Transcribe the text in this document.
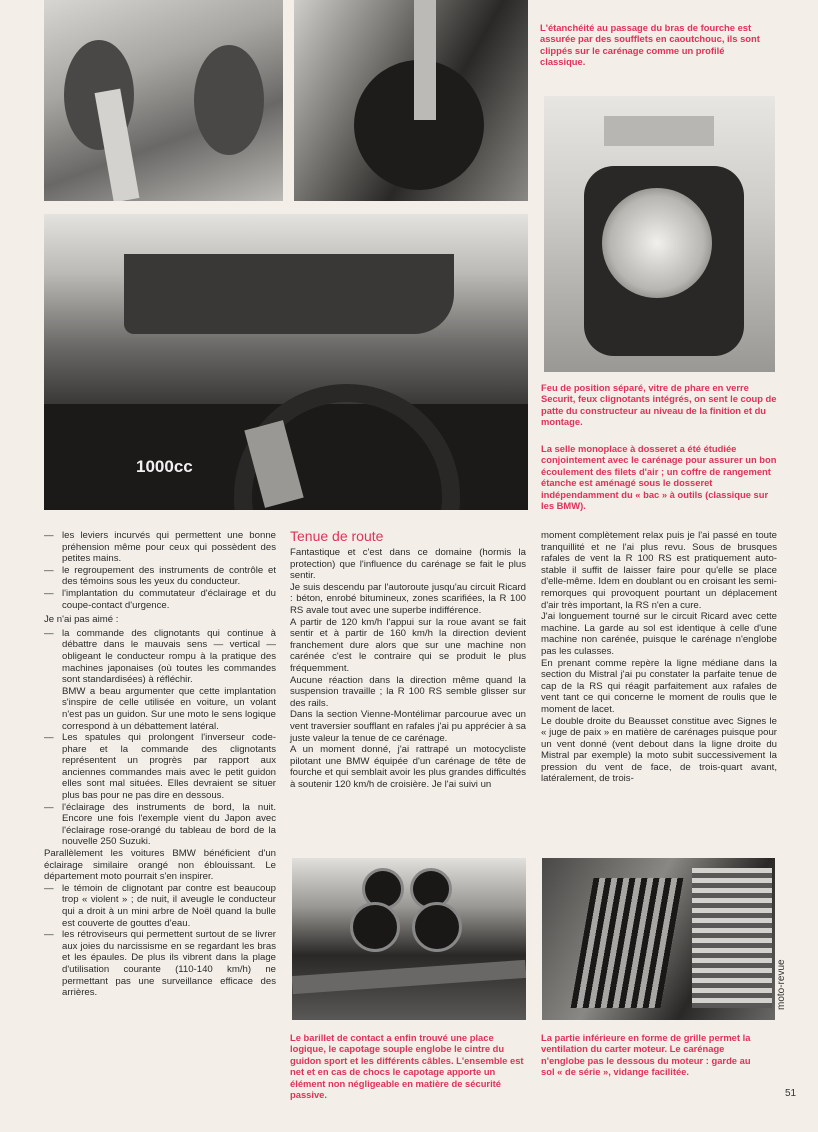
1000cc

L'étanchéité au passage du bras de fourche est assurée par des soufflets en caoutchouc, ils sont clippés sur le carénage comme un profilé classique.

Feu de position séparé, vitre de phare en verre Securit, feux clignotants intégrés, on sent le coup de patte du constructeur au niveau de la finition et du montage.

La selle monoplace à dosseret a été étudiée conjointement avec le carénage pour assurer un bon écoulement des filets d'air ; un coffre de rangement étanche est aménagé sous le dosseret indépendamment du « bac » à outils (classique sur les BMW).

Le barillet de contact a enfin trouvé une place logique, le capotage souple englobe le cintre du guidon sport et les différents câbles. L'ensemble est net et en cas de chocs le capotage apporte un élément non négligeable en matière de sécurité passive.

La partie inférieure en forme de grille permet la ventilation du carter moteur. Le carénage n'englobe pas le dessous du moteur : garde au sol « de série », vidange facilitée.

— les leviers incurvés qui permettent une bonne préhension même pour ceux qui possèdent des petites mains.
— le regroupement des instruments de contrôle et des témoins sous les yeux du conducteur.
— l'implantation du commutateur d'éclairage et du coupe-contact d'urgence.

Je n'ai pas aimé :

— la commande des clignotants qui continue à débattre dans le mauvais sens — vertical — obligeant le conducteur rompu à la pratique des machines japonaises (où toutes les commandes sont standardisées) à réfléchir.

BMW a beau argumenter que cette implantation s'inspire de celle utilisée en voiture, un volant n'est pas un guidon. Sur une moto le sens logique correspond à un débattement latéral.

— Les spatules qui prolongent l'inverseur code-phare et la commande des clignotants représentent un progrès par rapport aux anciennes commandes mais avec le petit guidon elles sont mal situées. Elles devraient se situer plus bas pour ne pas dire en dessous.
— l'éclairage des instruments de bord, la nuit. Encore une fois l'exemple vient du Japon avec l'éclairage rose-orangé du tableau de bord de la nouvelle 250 Suzuki.

Parallèlement les voitures BMW bénéficient d'un éclairage similaire orangé non éblouissant. Le département moto pourrait s'en inspirer.

— le témoin de clignotant par contre est beaucoup trop « violent » ; de nuit, il aveugle le conducteur qui a droit à un mini arbre de Noël quand la bulle est couverte de gouttes d'eau.
— les rétroviseurs qui permettent surtout de se livrer aux joies du narcissisme en se regardant les bras et les épaules. De plus ils vibrent dans la plage d'utilisation courante (110-140 km/h) ne permettant pas une surveillance efficace des arrières.
Tenue de route

Fantastique et c'est dans ce domaine (hormis la protection) que l'influence du carénage se fait le plus sentir.

Je suis descendu par l'autoroute jusqu'au circuit Ricard : béton, enrobé bitumineux, zones scarifiées, la R 100 RS avale tout avec une superbe indifférence.

A partir de 120 km/h l'appui sur la roue avant se fait sentir et à partir de 160 km/h la direction devient franchement dure alors que sur une machine non carénée c'est le contraire qui se produit le plus fréquemment.

Aucune réaction dans la direction même quand la suspension travaille ; la R 100 RS semble glisser sur des rails.

Dans la section Vienne-Montélimar parcourue avec un vent traversier soufflant en rafales j'ai pu apprécier à sa juste valeur la tenue de ce carénage.

A un moment donné, j'ai rattrapé un motocycliste pilotant une BMW équipée d'un carénage de tête de fourche et qui semblait avoir les plus grandes difficultés à soutenir 120 km/h de croisière. Je l'ai suivi un

moment complètement relax puis je l'ai passé en toute tranquillité et ne l'ai plus revu. Sous de brusques rafales de vent la R 100 RS est pratiquement auto-stable il suffit de laisser faire pour qu'elle se place d'elle-même. Idem en doublant ou en croisant les semi-remorques qui provoquent pourtant un déplacement d'air très important, la RS n'en a cure.

J'ai longuement tourné sur le circuit Ricard avec cette machine. La garde au sol est identique à celle d'une machine non carénée, puisque le carénage n'englobe pas les culasses.

En prenant comme repère la ligne médiane dans la section du Mistral j'ai pu constater la parfaite tenue de cap de la RS qui réagit parfaitement aux rafales de vent tant ce qui concerne le moment de roulis que le moment de lacet.

Le double droite du Beausset constitue avec Signes le « juge de paix » en matière de carénages puisque pour un vent donné (vent debout dans la ligne droite du Mistral par exemple) la moto subit successivement la pression du vent de face, de trois-quart avant, latéralement, de trois-

moto-revue
51
